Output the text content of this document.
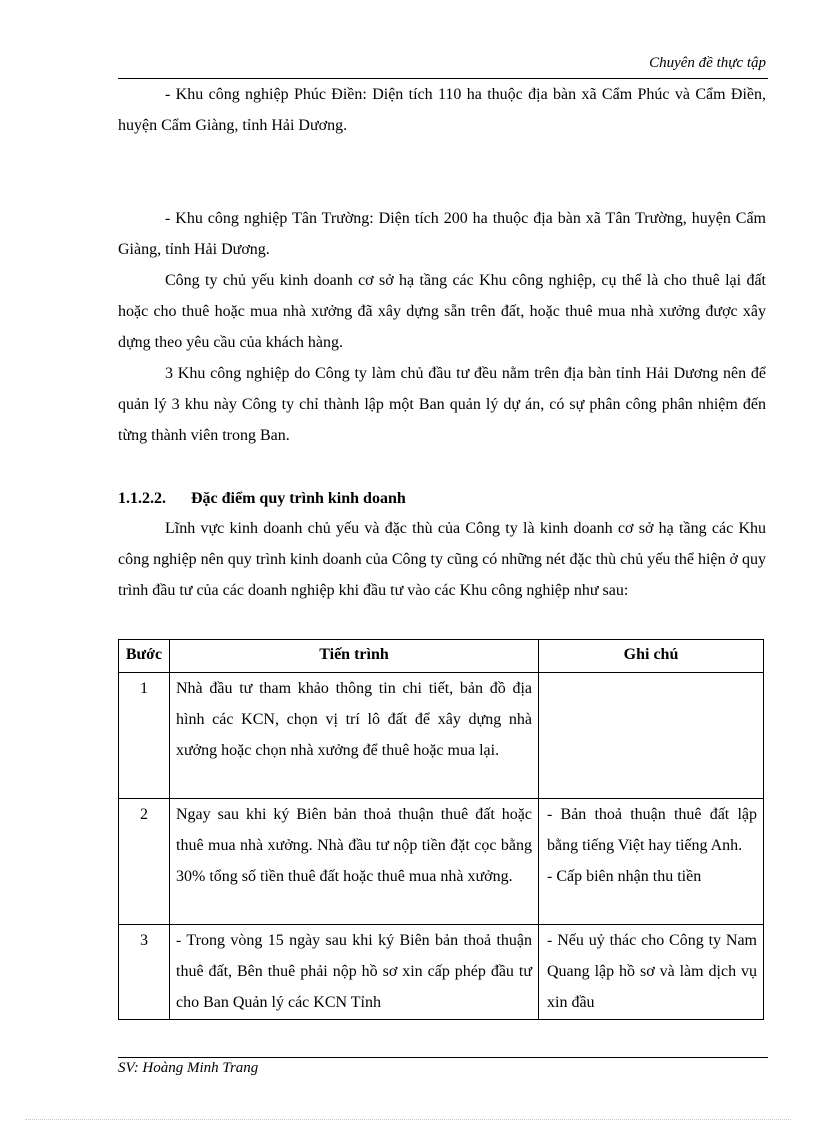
Chuyên đề thực tập

- Khu công nghiệp Phúc Điền: Diện tích 110 ha thuộc địa bàn xã Cẩm Phúc và Cẩm Điền, huyện Cẩm Giàng, tỉnh Hải Dương.

- Khu công nghiệp Tân Trường: Diện tích 200 ha thuộc địa bàn xã Tân Trường, huyện Cẩm Giàng, tỉnh Hải Dương.

Công ty chủ yếu kinh doanh cơ sở hạ tầng các Khu công nghiệp, cụ thể là cho thuê lại đất hoặc cho thuê hoặc mua nhà xưởng đã xây dựng sẵn trên đất, hoặc thuê mua nhà xưởng được xây dựng theo yêu cầu của khách hàng.

3 Khu công nghiệp do Công ty làm chủ đầu tư đều nằm trên địa bàn tỉnh Hải Dương nên để quản lý 3 khu này Công ty chỉ thành lập một Ban quản lý dự án, có sự phân công phân nhiệm đến từng thành viên trong Ban.

1.1.2.2. Đặc điểm quy trình kinh doanh

Lĩnh vực kinh doanh chủ yếu và đặc thù của Công ty là kinh doanh cơ sở hạ tầng các Khu công nghiệp nên quy trình kinh doanh của Công ty cũng có những nét đặc thù chủ yếu thể hiện ở quy trình đầu tư của các doanh nghiệp khi đầu tư vào các Khu công nghiệp như sau:

Bước	Tiến trình	Ghi chú
1	Nhà đầu tư tham khảo thông tin chi tiết, bản đồ địa hình các KCN, chọn vị trí lô đất để xây dựng nhà xưởng hoặc chọn nhà xưởng để thuê hoặc mua lại.	

2	Ngay sau khi ký Biên bản thoả thuận thuê đất hoặc thuê mua nhà xưởng. Nhà đầu tư nộp tiền đặt cọc bằng 30% tổng số tiền thuê đất hoặc thuê mua nhà xưởng.	- Bản thoả thuận thuê đất lập bằng tiếng Việt hay tiếng Anh.
- Cấp biên nhận thu tiền

3	- Trong vòng 15 ngày sau khi ký Biên bản thoả thuận thuê đất, Bên thuê phải nộp hồ sơ xin cấp phép đầu tư cho Ban Quản lý các KCN Tỉnh	- Nếu uỷ thác cho Công ty Nam Quang lập hồ sơ và làm dịch vụ xin đầu
SV: Hoàng Minh Trang
